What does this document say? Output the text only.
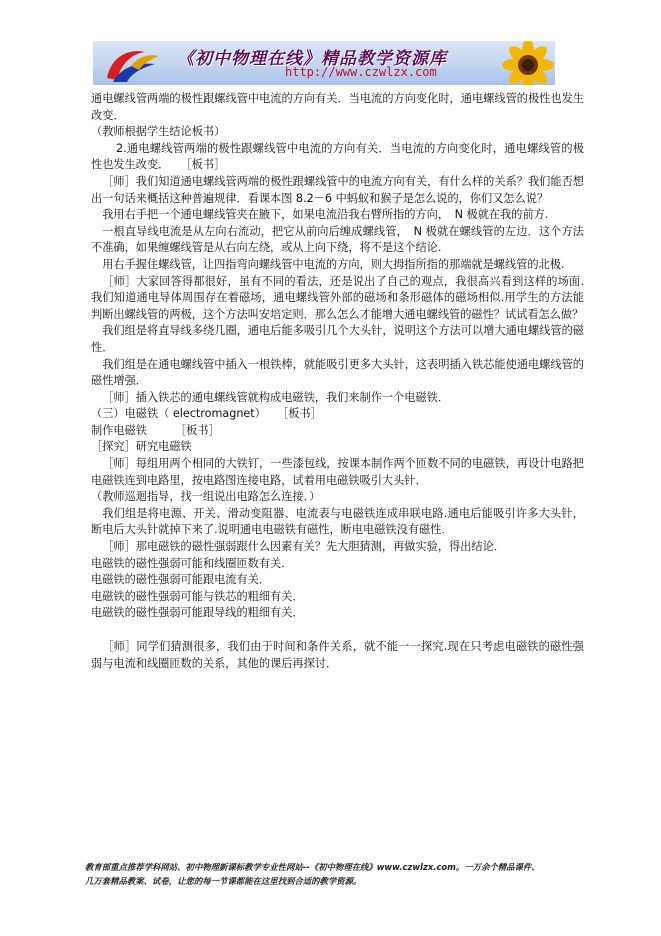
《初中物理在线》精品教学资源库
http://www.czwlzx.com

通电螺线管两端的极性跟螺线管中电流的方向有关．当电流的方向变化时，通电螺线管的极性也发生改变．

（教师根据学生结论板书）

2.通电螺线管两端的极性跟螺线管中电流的方向有关．当电流的方向变化时，通电螺线管的极性也发生改变．　　［板书］

［师］我们知道通电螺线管两端的极性跟螺线管中的电流方向有关，有什么样的关系？我们能否想出一句话来概括这种普遍规律．看课本图 8.2－6 中蚂蚁和猴子是怎么说的，你们又怎么说？

我用右手把一个通电螺线管夹在腋下，如果电流沿我右臂所指的方向，　N 极就在我的前方.

一根直导线电流是从左向右流动，把它从前向后缠成螺线管，　N 极就在螺线管的左边．这个方法不准确，如果缠螺线管是从右向左绕，或从上向下绕，将不是这个结论.

用右手握住螺线管，让四指弯向螺线管中电流的方向，则大拇指所指的那端就是螺线管的北极.

［师］大家回答得都很好，虽有不同的看法，还是说出了自己的观点，我很高兴看到这样的场面.我们知道通电导体周围存在着磁场，通电螺线管外部的磁场和条形磁体的磁场相似.用学生的方法能判断出螺线管的两极，这个方法叫安培定则．那么怎么才能增大通电螺线管的磁性？试试看怎么做？

我们组是将直导线多绕几圈，通电后能多吸引几个大头针，说明这个方法可以增大通电螺线管的磁性．

我们组是在通电螺线管中插入一根铁棒，就能吸引更多大头针，这表明插入铁芯能使通电螺线管的磁性增强．

［师］插入铁芯的通电螺线管就构成电磁铁，我们来制作一个电磁铁．

（三）电磁铁（ electromagnet）　　［板书］

制作电磁铁　　　［板书］

［探究］研究电磁铁

［师］每组用两个相同的大铁钉，一些漆包线，按课本制作两个匝数不同的电磁铁，再设计电路把电磁铁连到电路里，按电路图连接电路，试着用电磁铁吸引大头针．

（教师巡迴指导，找一组说出电路怎么连接．）

我们组是将电源、开关、滑动变阻器、电流表与电磁铁连成串联电路.通电后能吸引许多大头针，断电后大头针就掉下来了.说明通电电磁铁有磁性，断电电磁铁没有磁性．

［师］那电磁铁的磁性强弱跟什么因素有关？先大胆猜测，再做实验，得出结论．

电磁铁的磁性强弱可能和线圈匝数有关．

电磁铁的磁性强弱可能跟电流有关．

电磁铁的磁性强弱可能与铁芯的粗细有关．

电磁铁的磁性强弱可能跟导线的粗细有关．

［师］同学们猜测很多，我们由于时间和条件关系，就不能一一探究.现在只考虑电磁铁的磁性强弱与电流和线圈匝数的关系，其他的课后再探讨．

教育部重点推荐学科网站、初中物理新课标教学专业性网站--《初中物理在线》www.czwlzx.com。一万余个精品课件、
几万套精品教案、试卷，让您的每一节课都能在这里找到合适的教学资源。
